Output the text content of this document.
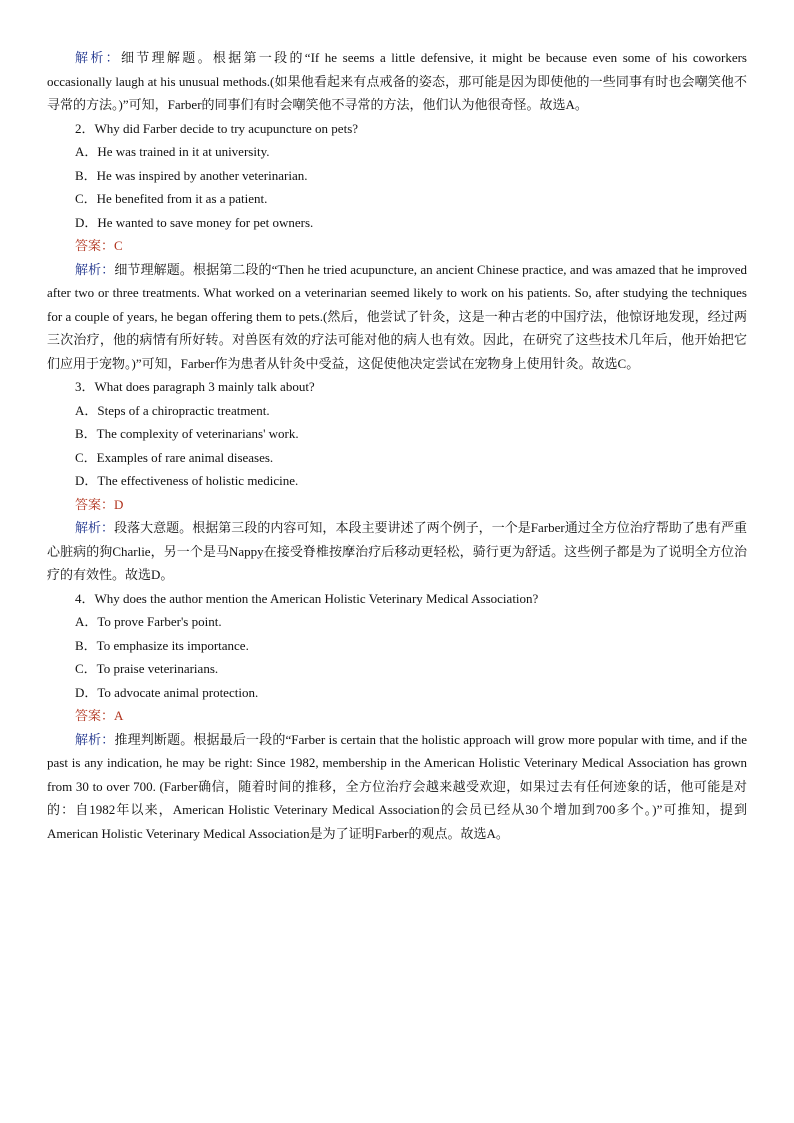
解析：细节理解题。根据第一段的“If he seems a little defensive, it might be because even some of his coworkers occasionally laugh at his unusual methods.(如果他看起来有点戒备的姿态，那可能是因为即使他的一些同事有时也会嘲笑他不寻常的方法。)”可知，Farber的同事们有时会嘲笑他不寻常的方法，他们认为他很奇怪。故选A。

2．Why did Farber decide to try acupuncture on pets?

A．He was trained in it at university.

B．He was inspired by another veterinarian.

C．He benefited from it as a patient.

D．He wanted to save money for pet owners.

答案：C

解析：细节理解题。根据第二段的“Then he tried acupuncture, an ancient Chinese practice, and was amazed that he improved after two or three treatments. What worked on a veterinarian seemed likely to work on his patients. So, after studying the techniques for a couple of years, he began offering them to pets.(然后，他尝试了针灸，这是一种古老的中国疗法，他惊讶地发现，经过两三次治疗，他的病情有所好转。对兽医有效的疗法可能对他的病人也有效。因此，在研究了这些技术几年后，他开始把它们应用于宠物。)”可知，Farber作为患者从针灸中受益，这促使他决定尝试在宠物身上使用针灸。故选C。

3．What does paragraph 3 mainly talk about?

A．Steps of a chiropractic treatment.

B．The complexity of veterinarians' work.

C．Examples of rare animal diseases.

D．The effectiveness of holistic medicine.

答案：D

解析：段落大意题。根据第三段的内容可知，本段主要讲述了两个例子，一个是Farber通过全方位治疗帮助了患有严重心脏病的狗Charlie，另一个是马Nappy在接受脊椎按摩治疗后移动更轻松，骑行更为舒适。这些例子都是为了说明全方位治疗的有效性。故选D。

4．Why does the author mention the American Holistic Veterinary Medical Association?

A．To prove Farber's point.

B．To emphasize its importance.

C．To praise veterinarians.

D．To advocate animal protection.

答案：A

解析：推理判断题。根据最后一段的“Farber is certain that the holistic approach will grow more popular with time, and if the past is any indication, he may be right: Since 1982, membership in the American Holistic Veterinary Medical Association has grown from 30 to over 700. (Farber确信，随着时间的推移，全方位治疗会越来越受欢迎，如果过去有任何迹象的话，他可能是对的：自1982年以来，American Holistic Veterinary Medical Association的会员已经从30个增加到700多个。)”可推知，提到American Holistic Veterinary Medical Association是为了证明Farber的观点。故选A。
